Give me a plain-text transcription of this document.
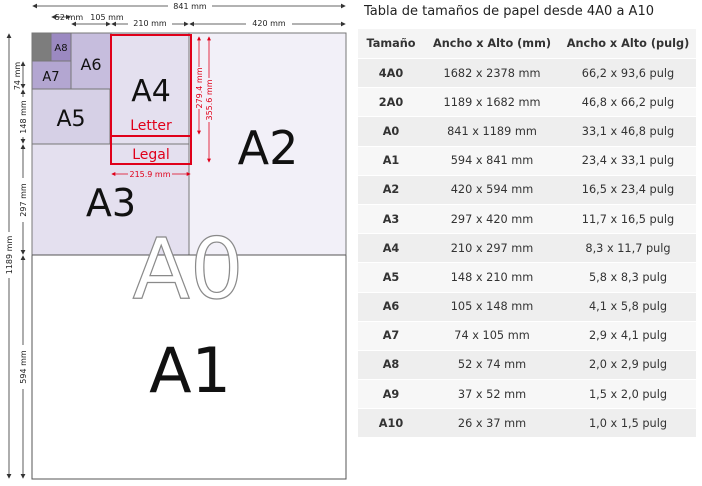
A0
A1
A2
A3
A4
A5
A6
A7
A8
Letter
Legal
841 mm
52 mm 105 mm
210 mm	420 mm
1189 mm
594 mm
297 mm
148 mm
74 mm	279.4 mm 355.6 mm
215.9 mm
Tabla de tamaños de papel desde 4A0 a A10
Tamaño	Ancho x Alto (mm)	Ancho x Alto (pulg)
4A0	1682 x 2378 mm	66,2 x 93,6 pulg
2A0	1189 x 1682 mm	46,8 x 66,2 pulg
A0	841 x 1189 mm	33,1 x 46,8 pulg
A1	594 x 841 mm	23,4 x 33,1 pulg
A2	420 x 594 mm	16,5 x 23,4 pulg
A3	297 x 420 mm	11,7 x 16,5 pulg
A4	210 x 297 mm	8,3 x 11,7 pulg
A5	148 x 210 mm	5,8 x 8,3 pulg
A6	105 x 148 mm	4,1 x 5,8 pulg
A7	74 x 105 mm	2,9 x 4,1 pulg
A8	52 x 74 mm	2,0 x 2,9 pulg
A9	37 x 52 mm	1,5 x 2,0 pulg
A10	26 x 37 mm	1,0 x 1,5 pulg
